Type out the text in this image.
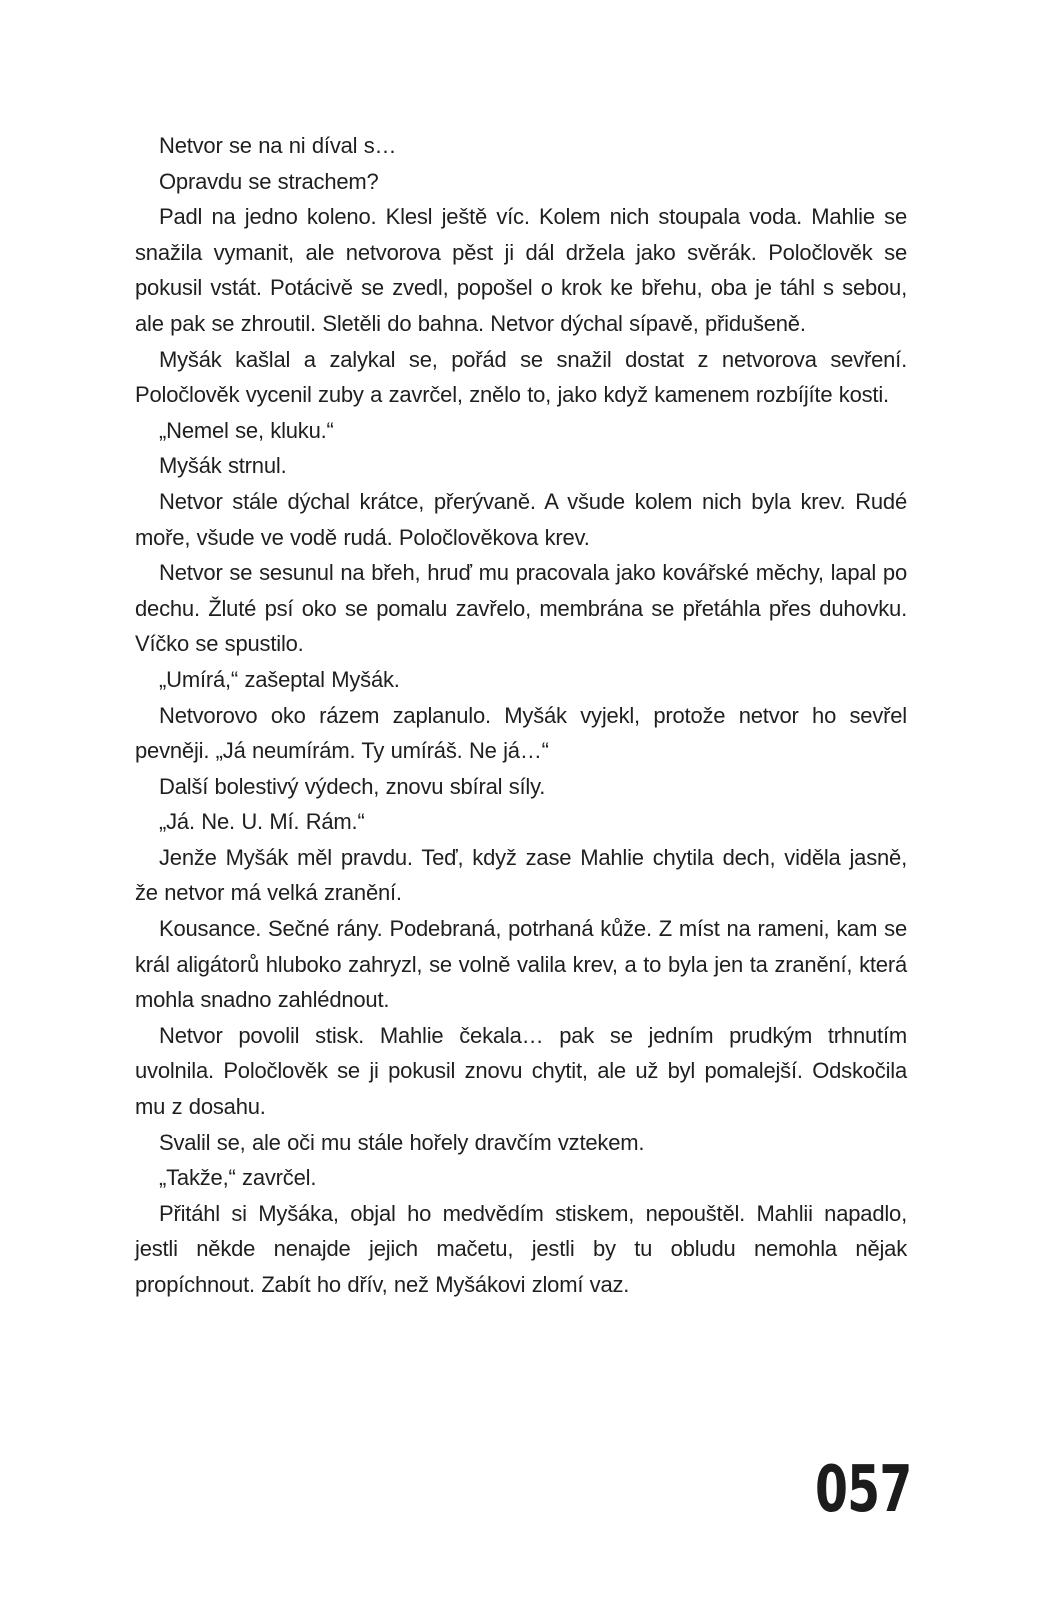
Netvor se na ni díval s…

Opravdu se strachem?

Padl na jedno koleno. Klesl ještě víc. Kolem nich stoupala voda. Mahlie se snažila vymanit, ale netvorova pěst ji dál držela jako svěrák. Poločlověk se pokusil vstát. Potácivě se zvedl, popošel o krok ke břehu, oba je táhl s sebou, ale pak se zhroutil. Sletěli do bahna. Netvor dýchal sípavě, přidušeně.

Myšák kašlal a zalykal se, pořád se snažil dostat z netvorova sevření. Poločlověk vycenil zuby a zavrčel, znělo to, jako když kamenem rozbíjíte kosti.

„Nemel se, kluku.“

Myšák strnul.

Netvor stále dýchal krátce, přerývaně. A všude kolem nich byla krev. Rudé moře, všude ve vodě rudá. Poločlověkova krev.

Netvor se sesunul na břeh, hruď mu pracovala jako kovářské měchy, lapal po dechu. Žluté psí oko se pomalu zavřelo, membrána se přetáhla přes duhovku. Víčko se spustilo.

„Umírá,“ zašeptal Myšák.

Netvorovo oko rázem zaplanulo. Myšák vyjekl, protože netvor ho sevřel pevněji. „Já neumírám. Ty umíráš. Ne já…“

Další bolestivý výdech, znovu sbíral síly.

„Já. Ne. U. Mí. Rám.“

Jenže Myšák měl pravdu. Teď, když zase Mahlie chytila dech, viděla jasně, že netvor má velká zranění.

Kousance. Sečné rány. Podebraná, potrhaná kůže. Z míst na rameni, kam se král aligátorů hluboko zahryzl, se volně valila krev, a to byla jen ta zranění, která mohla snadno zahlédnout.

Netvor povolil stisk. Mahlie čekala… pak se jedním prudkým trhnutím uvolnila. Poločlověk se ji pokusil znovu chytit, ale už byl pomalejší. Odskočila mu z dosahu.

Svalil se, ale oči mu stále hořely dravčím vztekem.

„Takže,“ zavrčel.

Přitáhl si Myšáka, objal ho medvědím stiskem, nepouštěl. Mahlii napadlo, jestli někde nenajde jejich mačetu, jestli by tu obludu nemohla nějak propíchnout. Zabít ho dřív, než Myšákovi zlomí vaz.

057
